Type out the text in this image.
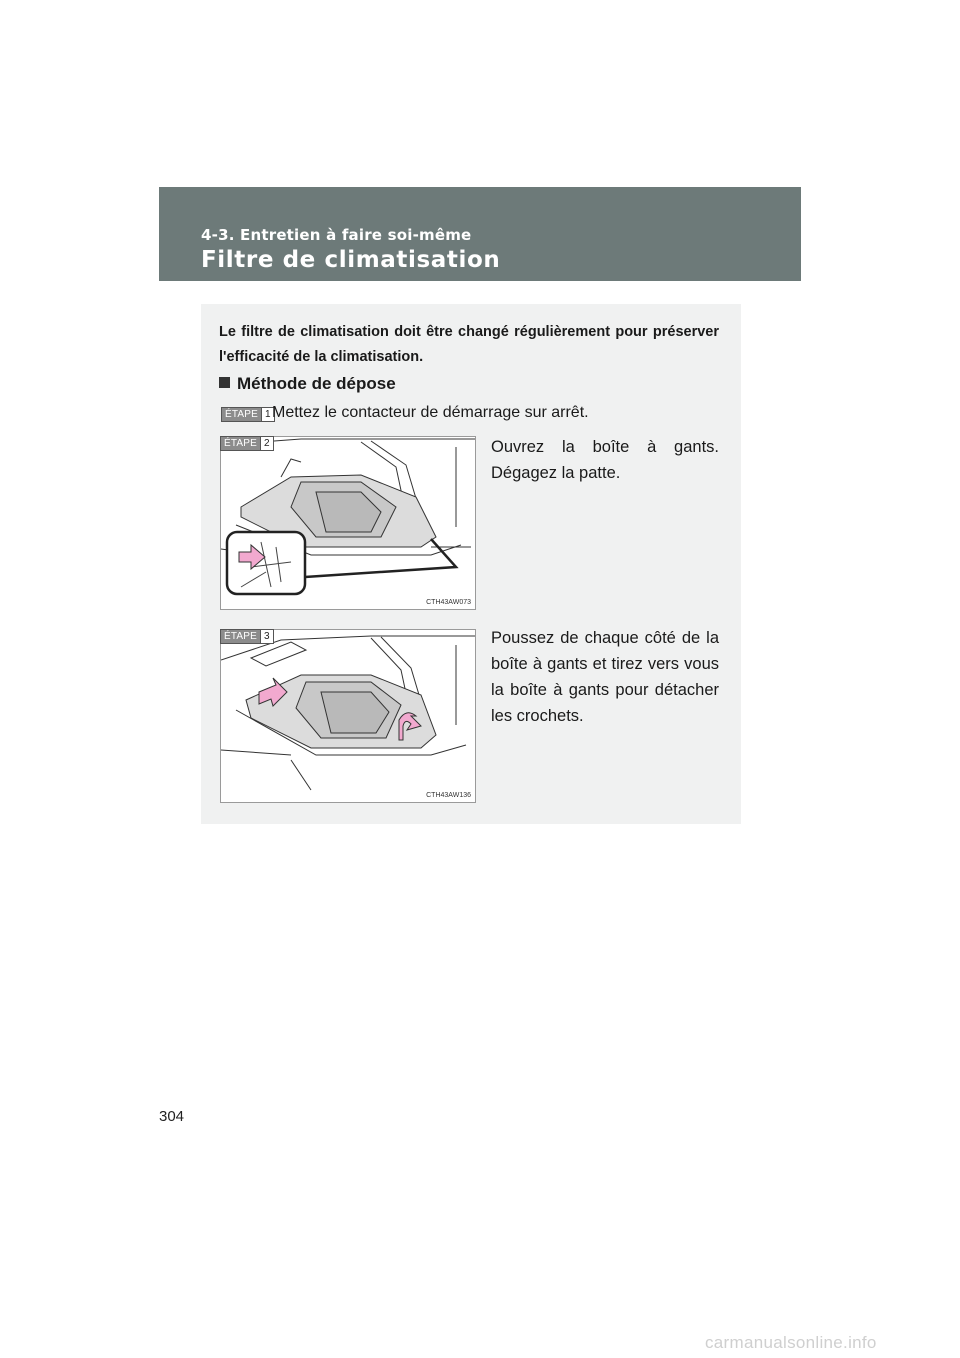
4-3. Entretien à faire soi-même
Filtre de climatisation

Le filtre de climatisation doit être changé régulièrement pour préserver l'efficacité de la climatisation.

Méthode de dépose
ÉTAPE 1 Mettez le contacteur de démarrage sur arrêt.
CTH43AW073
ÉTAPE 2	Ouvrez la boîte à gants. Dégagez la patte.
CTH43AW136
ÉTAPE 3	Poussez de chaque côté de la boîte à gants et tirez vers vous la boîte à gants pour détacher les crochets.
304
carmanualsonline.info
